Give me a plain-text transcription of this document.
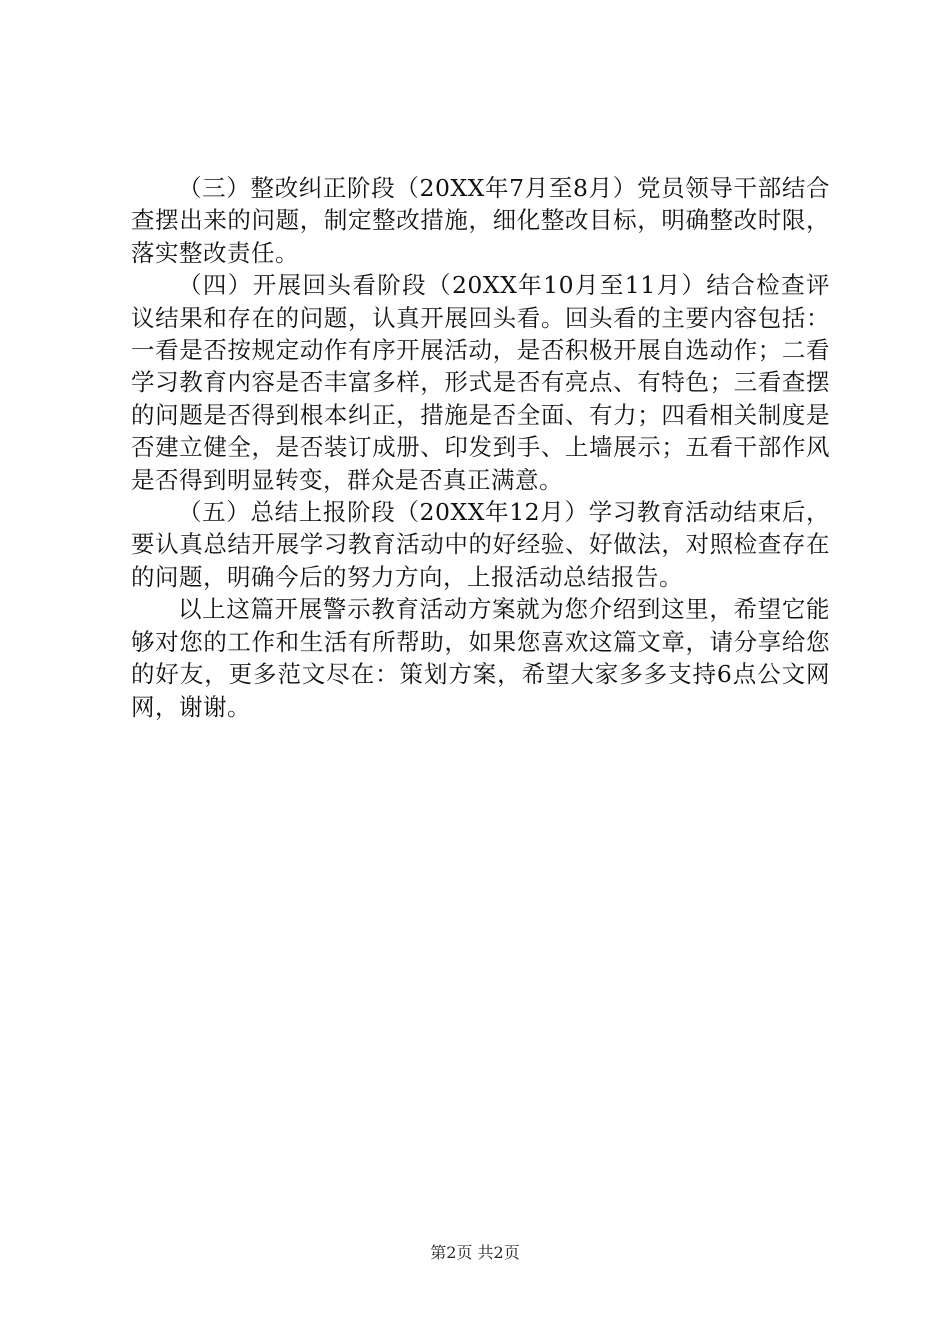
（三）整改纠正阶段（20XX年7月至8月）党员领导干部结合查摆出来的问题，制定整改措施，细化整改目标，明确整改时限，落实整改责任。

（四）开展回头看阶段（20XX年10月至11月）结合检查评议结果和存在的问题，认真开展回头看。回头看的主要内容包括：一看是否按规定动作有序开展活动，是否积极开展自选动作；二看学习教育内容是否丰富多样，形式是否有亮点、有特色；三看查摆的问题是否得到根本纠正，措施是否全面、有力；四看相关制度是否建立健全，是否装订成册、印发到手、上墙展示；五看干部作风是否得到明显转变，群众是否真正满意。

（五）总结上报阶段（20XX年12月）学习教育活动结束后，要认真总结开展学习教育活动中的好经验、好做法，对照检查存在的问题，明确今后的努力方向，上报活动总结报告。

以上这篇开展警示教育活动方案就为您介绍到这里，希望它能够对您的工作和生活有所帮助，如果您喜欢这篇文章，请分享给您的好友，更多范文尽在：策划方案，希望大家多多支持6点公文网网，谢谢。

第2页 共2页
